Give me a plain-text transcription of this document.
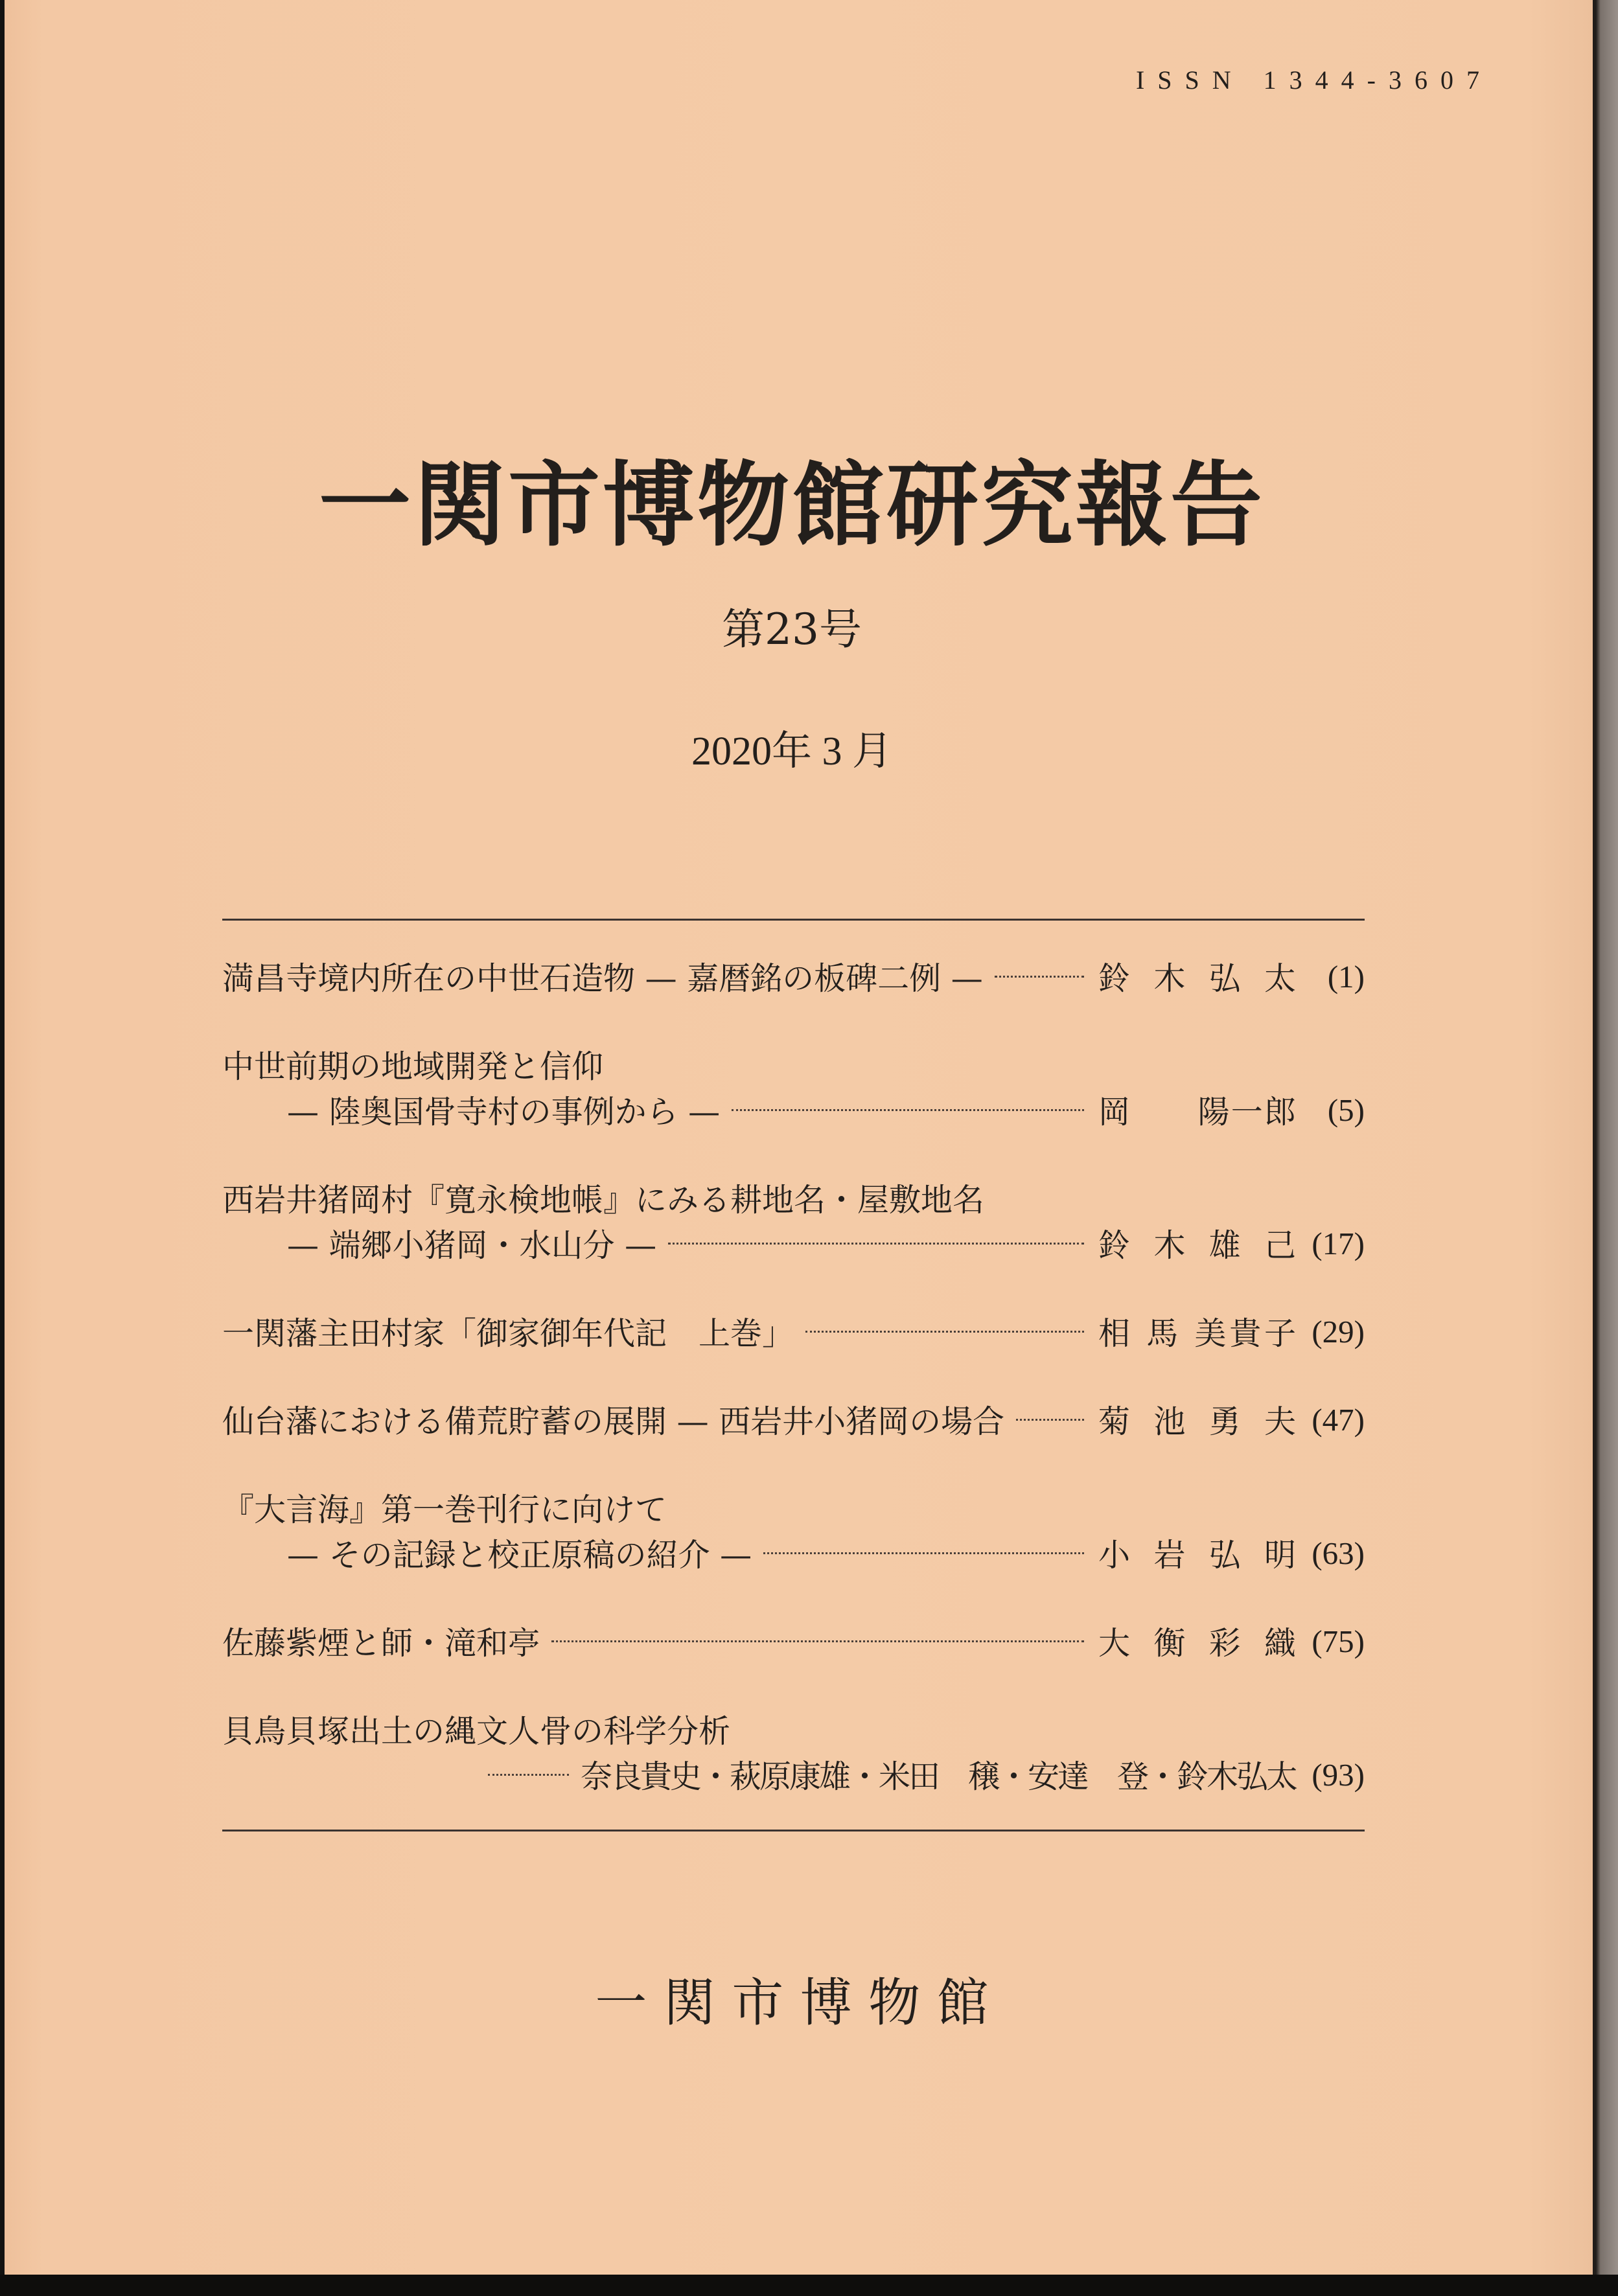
ISSN 1344-3607
一関市博物館研究報告
第23号
2020年 3 月
満昌寺境内所在の中世石造物 — 嘉暦銘の板碑二例 —	鈴 木 弘 太 (1)
中世前期の地域開発と信仰
— 陸奥国骨寺村の事例から —	岡　　陽一郎 (5)
西岩井猪岡村『寛永検地帳』にみる耕地名・屋敷地名
— 端郷小猪岡・水山分 —	鈴 木 雄 己 (17)
一関藩主田村家「御家御年代記　上巻」	相 馬 美貴子 (29)
仙台藩における備荒貯蓄の展開 — 西岩井小猪岡の場合	菊 池 勇 夫 (47)
『大言海』第一巻刊行に向けて
— その記録と校正原稿の紹介 —	小 岩 弘 明 (63)
佐藤紫煙と師・滝和亭	大 衡 彩 織 (75)
貝鳥貝塚出土の縄文人骨の科学分析
奈良貴史・萩原康雄・米田　穣・安達　登・鈴木弘太 (93)
一 関 市 博 物 館
